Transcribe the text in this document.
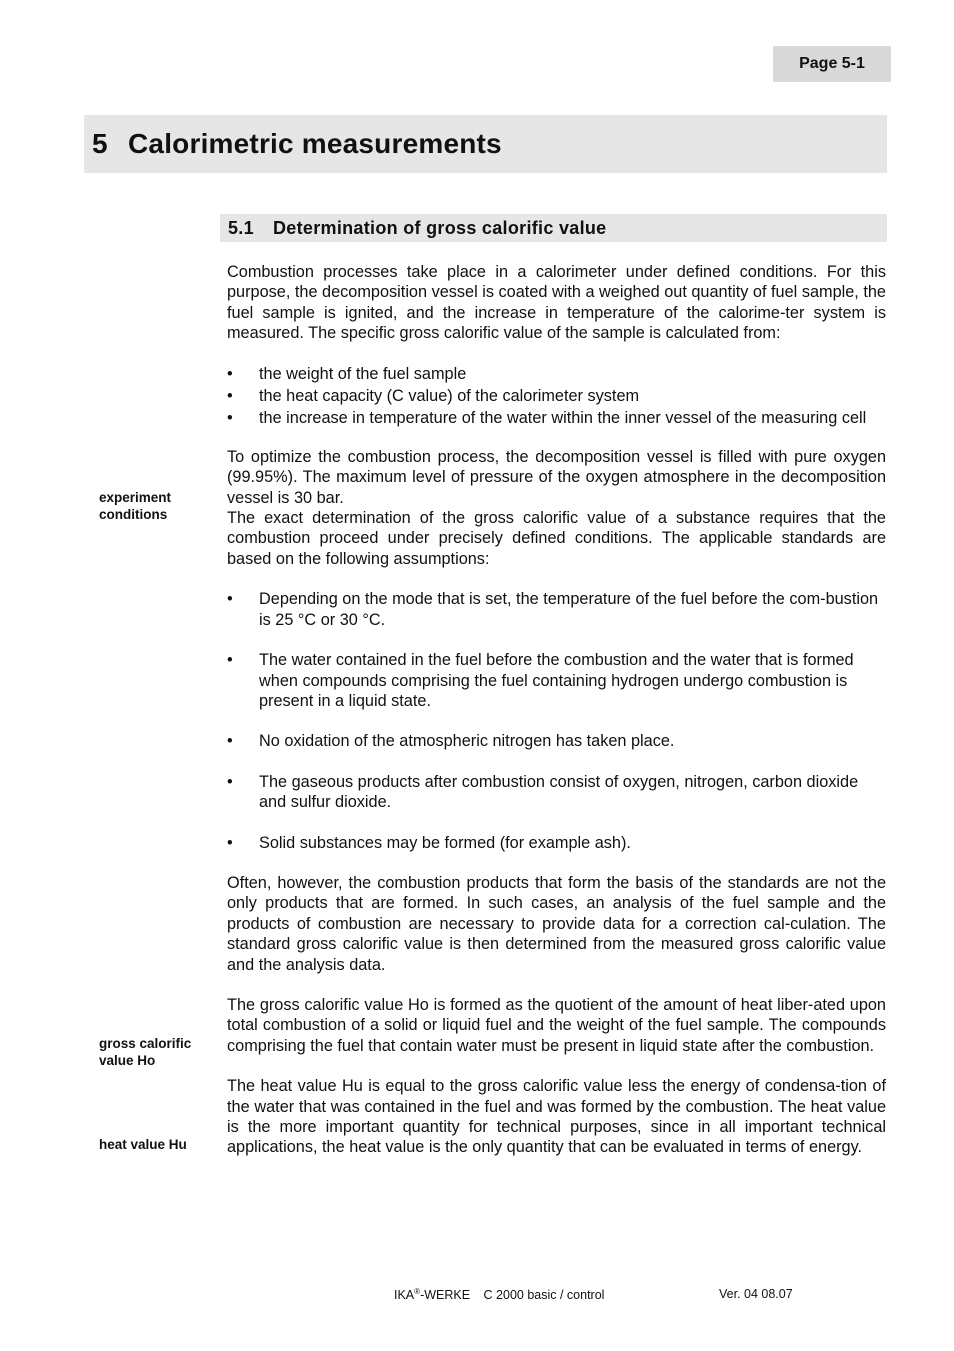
Page 5-1
5 Calorimetric measurements
5.1	Determination of gross calorific value
experiment
conditions
gross calorific
value Ho
heat value Hu

Combustion processes take place in a calorimeter under defined conditions. For this purpose, the decomposition vessel is coated with a weighed out quantity of fuel sample, the fuel sample is ignited, and the increase in temperature of the calorime-ter system is measured. The specific gross calorific value of the sample is calculated from:

• the weight of the fuel sample
• the heat capacity (C value) of the calorimeter system
• the increase in temperature of the water within the inner vessel of the measuring cell

To optimize the combustion process, the decomposition vessel is filled with pure oxygen (99.95%). The maximum level of pressure of the oxygen atmosphere in the decomposition vessel is 30 bar.

The exact determination of the gross calorific value of a substance requires that the combustion proceed under precisely defined conditions. The applicable standards are based on the following assumptions:

• Depending on the mode that is set, the temperature of the fuel before the com-bustion is 25 °C or 30 °C.
• The water contained in the fuel before the combustion and the water that is formed when compounds comprising the fuel containing hydrogen undergo combustion is present in a liquid state.
• No oxidation of the atmospheric nitrogen has taken place.
• The gaseous products after combustion consist of oxygen, nitrogen, carbon dioxide and sulfur dioxide.
• Solid substances may be formed (for example ash).

Often, however, the combustion products that form the basis of the standards are not the only products that are formed. In such cases, an analysis of the fuel sample and the products of combustion are necessary to provide data for a correction cal-culation. The standard gross calorific value is then determined from the measured gross calorific value and the analysis data.

The gross calorific value Ho is formed as the quotient of the amount of heat liber-ated upon total combustion of a solid or liquid fuel and the weight of the fuel sample. The compounds comprising the fuel that contain water must be present in liquid state after the combustion.

The heat value Hu is equal to the gross calorific value less the energy of condensa-tion of the water that was contained in the fuel and was formed by the combustion. The heat value is the more important quantity for technical purposes, since in all important technical applications, the heat value is the only quantity that can be evaluated in terms of energy.

IKA®-WERKE C 2000 basic / control	Ver. 04 08.07
